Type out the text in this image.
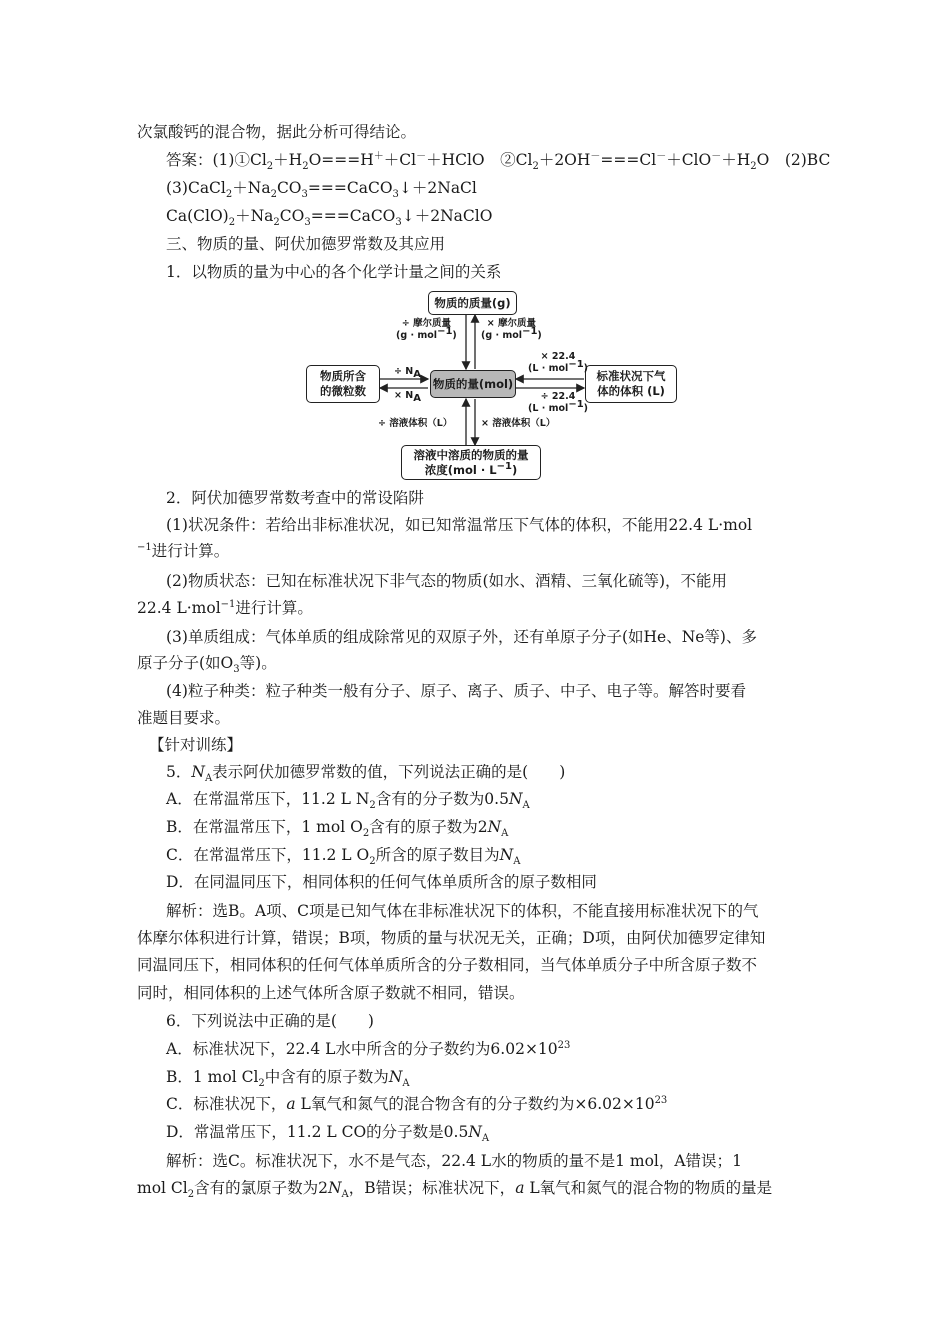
次氯酸钙的混合物，据此分析可得结论。
答案：$(1)①Cl_2+H_2O===H^++Cl^-+HClO$　$②Cl_2+2OH^-===Cl^-+ClO^-+H_2O$　(2)BC
$(3)CaCl_2+Na_2CO_3===CaCO_3↓+2NaCl$
$Ca(ClO)_2+Na_2CO_3===CaCO_3↓+2NaClO$
三、物质的量、阿伏加德罗常数及其应用
1．以物质的量为中心的各个化学计量之间的关系
物质的质量(g)
物质的量(mol)
物质所含
的微粒数
标准状况下气
体的体积 (L)
溶液中溶质的物质的量
浓度$(mol \cdot L^{-1})$
÷ 摩尔质量
(g · mol$^{-1}$)
× 摩尔质量
(g · mol$^{-1}$)
÷ $N_A$
× $N_A$
× 22.4
(L · mol$^{-1}$)
÷ 22.4
(L · mol$^{-1}$)
÷ 溶液体积（L）	× 溶液体积（L）
2．阿伏加德罗常数考查中的常设陷阱
(1)状况条件：若给出非标准状况，如已知常温常压下气体的体积，不能用22.4 L·mol
$^{-1}$进行计算。
(2)物质状态：已知在标准状况下非气态的物质(如水、酒精、三氧化硫等)，不能用
22.4 L·mol$^{-1}$进行计算。
(3)单质组成：气体单质的组成除常见的双原子外，还有单原子分子(如He、Ne等)、多
原子分子(如$O_3$等)。
(4)粒子种类：粒子种类一般有分子、原子、离子、质子、中子、电子等。解答时要看
准题目要求。
【针对训练】
5．$N_A$表示阿伏加德罗常数的值，下列说法正确的是(　　)
A．在常温常压下，11.2 L $N_2$含有的分子数为$0.5N_A$
B．在常温常压下，1 mol $O_2$含有的原子数为$2N_A$
C．在常温常压下，11.2 L $O_2$所含的原子数目为$N_A$
D．在同温同压下，相同体积的任何气体单质所含的原子数相同
解析：选B。A项、C项是已知气体在非标准状况下的体积，不能直接用标准状况下的气
体摩尔体积进行计算，错误；B项，物质的量与状况无关，正确；D项，由阿伏加德罗定律知
同温同压下，相同体积的任何气体单质所含的分子数相同，当气体单质分子中所含原子数不
同时，相同体积的上述气体所含原子数就不相同，错误。
6．下列说法中正确的是(　　)
A．标准状况下，22.4 L水中所含的分子数约为$6.02\times 10^{23}$
B．1 mol $Cl_2$中含有的原子数为$N_A$
C．标准状况下，a L氧气和氮气的混合物含有的分子数约为$\times 6.02\times 10^{23}$
D．常温常压下，11.2 L CO的分子数是$0.5N_A$
解析：选C。标准状况下，水不是气态，22.4 L水的物质的量不是1 mol，A错误；1
mol $Cl_2$含有的氯原子数为$2N_A$，B错误；标准状况下，a L氧气和氮气的混合物的物质的量是
